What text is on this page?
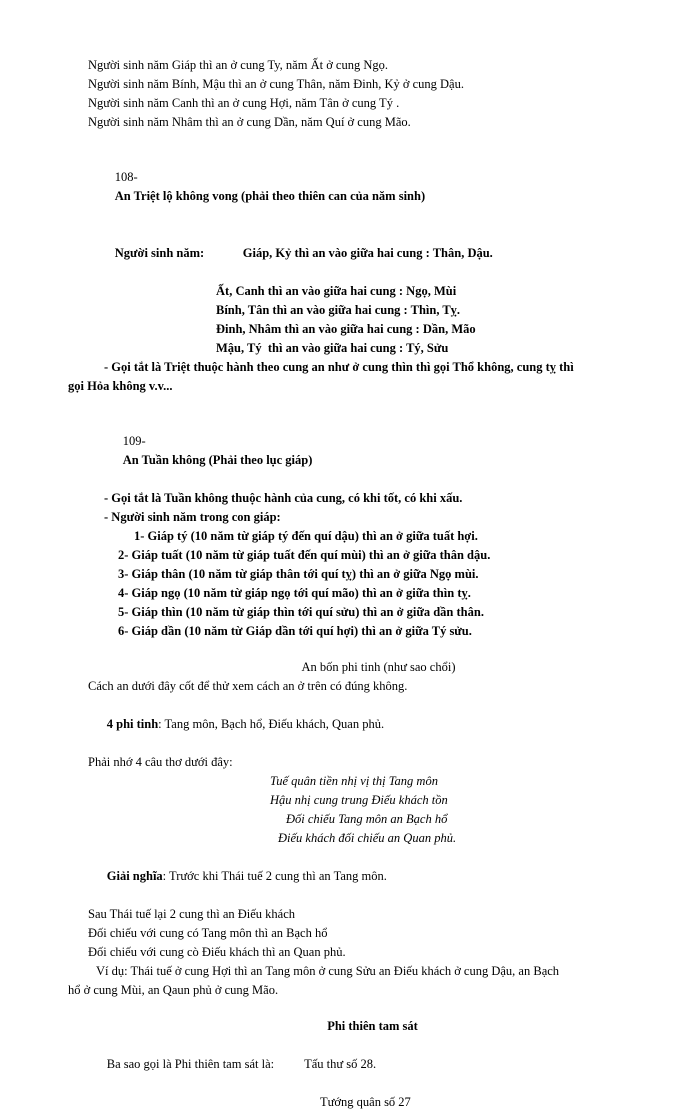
Người sinh năm Giáp thì an ở cung Ty, năm Ất ở cung Ngọ.
Người sinh năm Bính, Mậu thì an ở cung Thân, năm Đinh, Kỷ ở cung Dậu.
Người sinh năm Canh thì an ở cung Hợi, năm Tân ở cung Tý .
Người sinh năm Nhâm thì an ở cung Dần, năm Quí ở cung Mão.

108-
An Triệt lộ không vong (phải theo thiên can của năm sinh)

Người sinh năm:	Giáp, Kỷ thì an vào giữa hai cung : Thân, Dậu.

Ất, Canh thì an vào giữa hai cung : Ngọ, Mùi
Bính, Tân thì an vào giữa hai cung : Thìn, Tỵ.
Đinh, Nhâm thì an vào giữa hai cung : Dần, Mão
Mậu, Tý  thì an vào giữa hai cung : Tý, Sửu
- Gọi tắt là Triệt thuộc hành theo cung an như ở cung thìn thì gọi Thổ không, cung tỵ thì
gọi Hỏa không v.v...

109-
An Tuần không (Phải theo lục giáp)

- Gọi tắt là Tuần không thuộc hành của cung, có khi tốt, có khi xấu.
- Người sinh năm trong con giáp:
1- Giáp tý (10 năm từ giáp tý đến quí dậu) thì an ở giữa tuất hợi.
2- Giáp tuất (10 năm từ giáp tuất đến quí mùi) thì an ở giữa thân dậu.
3- Giáp thân (10 năm từ giáp thân tới quí tỵ) thì an ở giữa Ngọ mùi.
4- Giáp ngọ (10 năm từ giáp ngọ tới quí mão) thì an ở giữa thìn tỵ.
5- Giáp thìn (10 năm từ giáp thìn tới quí sửu) thì an ở giữa dần thân.
6- Giáp dần (10 năm từ Giáp dần tới quí hợi) thì an ở giữa Tý sửu.
An bốn phi tinh (như sao chổi)
Cách an dưới đây cốt để thử xem cách an ở trên có đúng không.

4 phi tinh: Tang môn, Bạch hổ, Điếu khách, Quan phủ.

Phải nhớ 4 câu thơ dưới đây:
Tuế quân tiền nhị vị thị Tang môn
Hậu nhị cung trung Điếu khách tồn
Đối chiếu Tang môn an Bạch hổ
Điếu khách đối chiếu an Quan phủ.

Giải nghĩa: Trước khi Thái tuế 2 cung thì an Tang môn.

Sau Thái tuế lại 2 cung thì an Điếu khách
Đối chiếu với cung có Tang môn thì an Bạch hổ
Đối chiếu với cung cò Điếu khách thì an Quan phủ.
Ví dụ: Thái tuế ở cung Hợi thì an Tang môn ở cung Sửu an Điếu khách ở cung Dậu, an Bạch
hổ ở cung Mùi, an Qaun phủ ở cung Mão.
Phi thiên tam sát

Ba sao gọi là Phi thiên tam sát là: Tấu thư số 28.

Tướng quân số 27
